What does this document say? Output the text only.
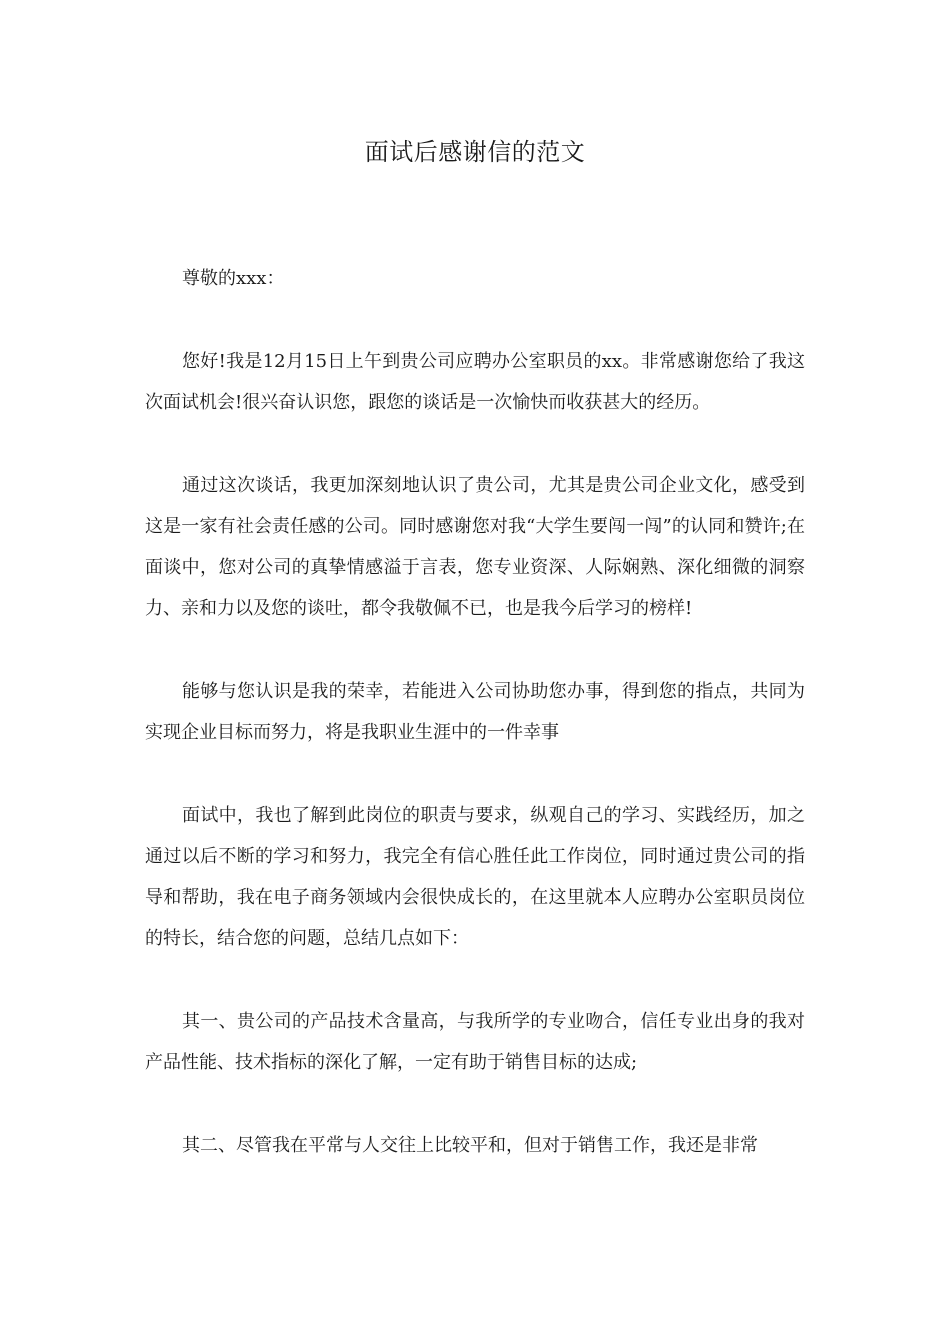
面试后感谢信的范文

尊敬的xxx：

您好!我是12月15日上午到贵公司应聘办公室职员的xx。非常感谢您给了我这次面试机会!很兴奋认识您，跟您的谈话是一次愉快而收获甚大的经历。

通过这次谈话，我更加深刻地认识了贵公司，尤其是贵公司企业文化，感受到这是一家有社会责任感的公司。同时感谢您对我“大学生要闯一闯”的认同和赞许;在面谈中，您对公司的真挚情感溢于言表，您专业资深、人际娴熟、深化细微的洞察力、亲和力以及您的谈吐，都令我敬佩不已，也是我今后学习的榜样!

能够与您认识是我的荣幸，若能进入公司协助您办事，得到您的指点，共同为实现企业目标而努力，将是我职业生涯中的一件幸事

面试中，我也了解到此岗位的职责与要求，纵观自己的学习、实践经历，加之通过以后不断的学习和努力，我完全有信心胜任此工作岗位，同时通过贵公司的指导和帮助，我在电子商务领域内会很快成长的，在这里就本人应聘办公室职员岗位的特长，结合您的问题，总结几点如下：

其一、贵公司的产品技术含量高，与我所学的专业吻合，信任专业出身的我对产品性能、技术指标的深化了解，一定有助于销售目标的达成;

其二、尽管我在平常与人交往上比较平和，但对于销售工作，我还是非常
